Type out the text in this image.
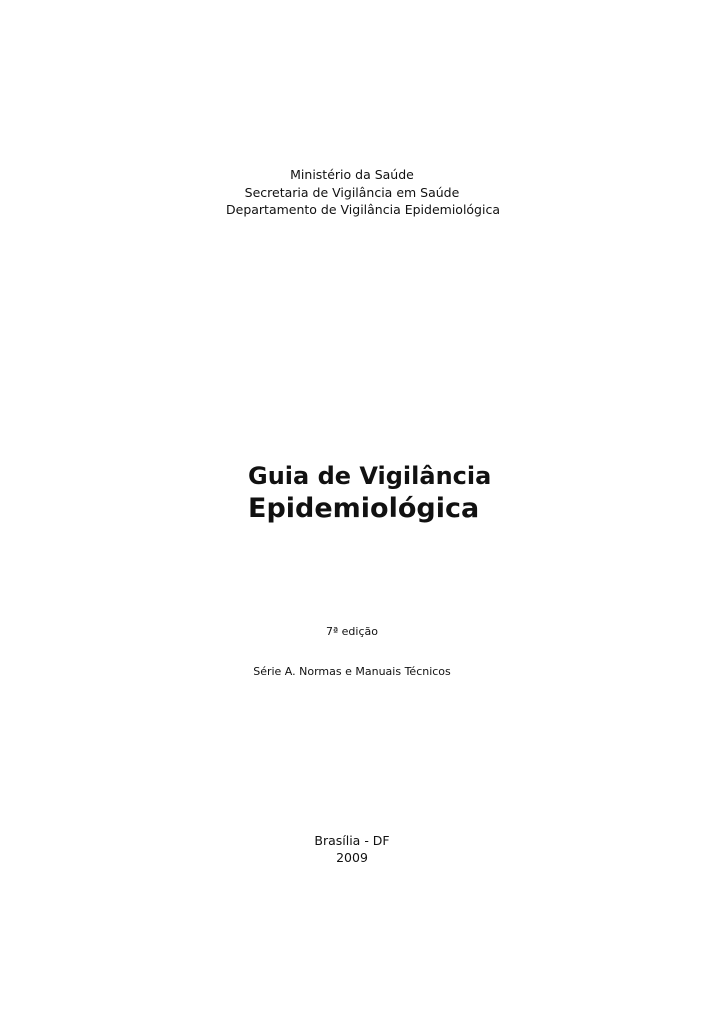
Ministério da Saúde
Secretaria de Vigilância em Saúde
Departamento de Vigilância Epidemiológica
Guia de Vigilância
Epidemiológica
7ª edição
Série A. Normas e Manuais Técnicos
Brasília - DF
2009
